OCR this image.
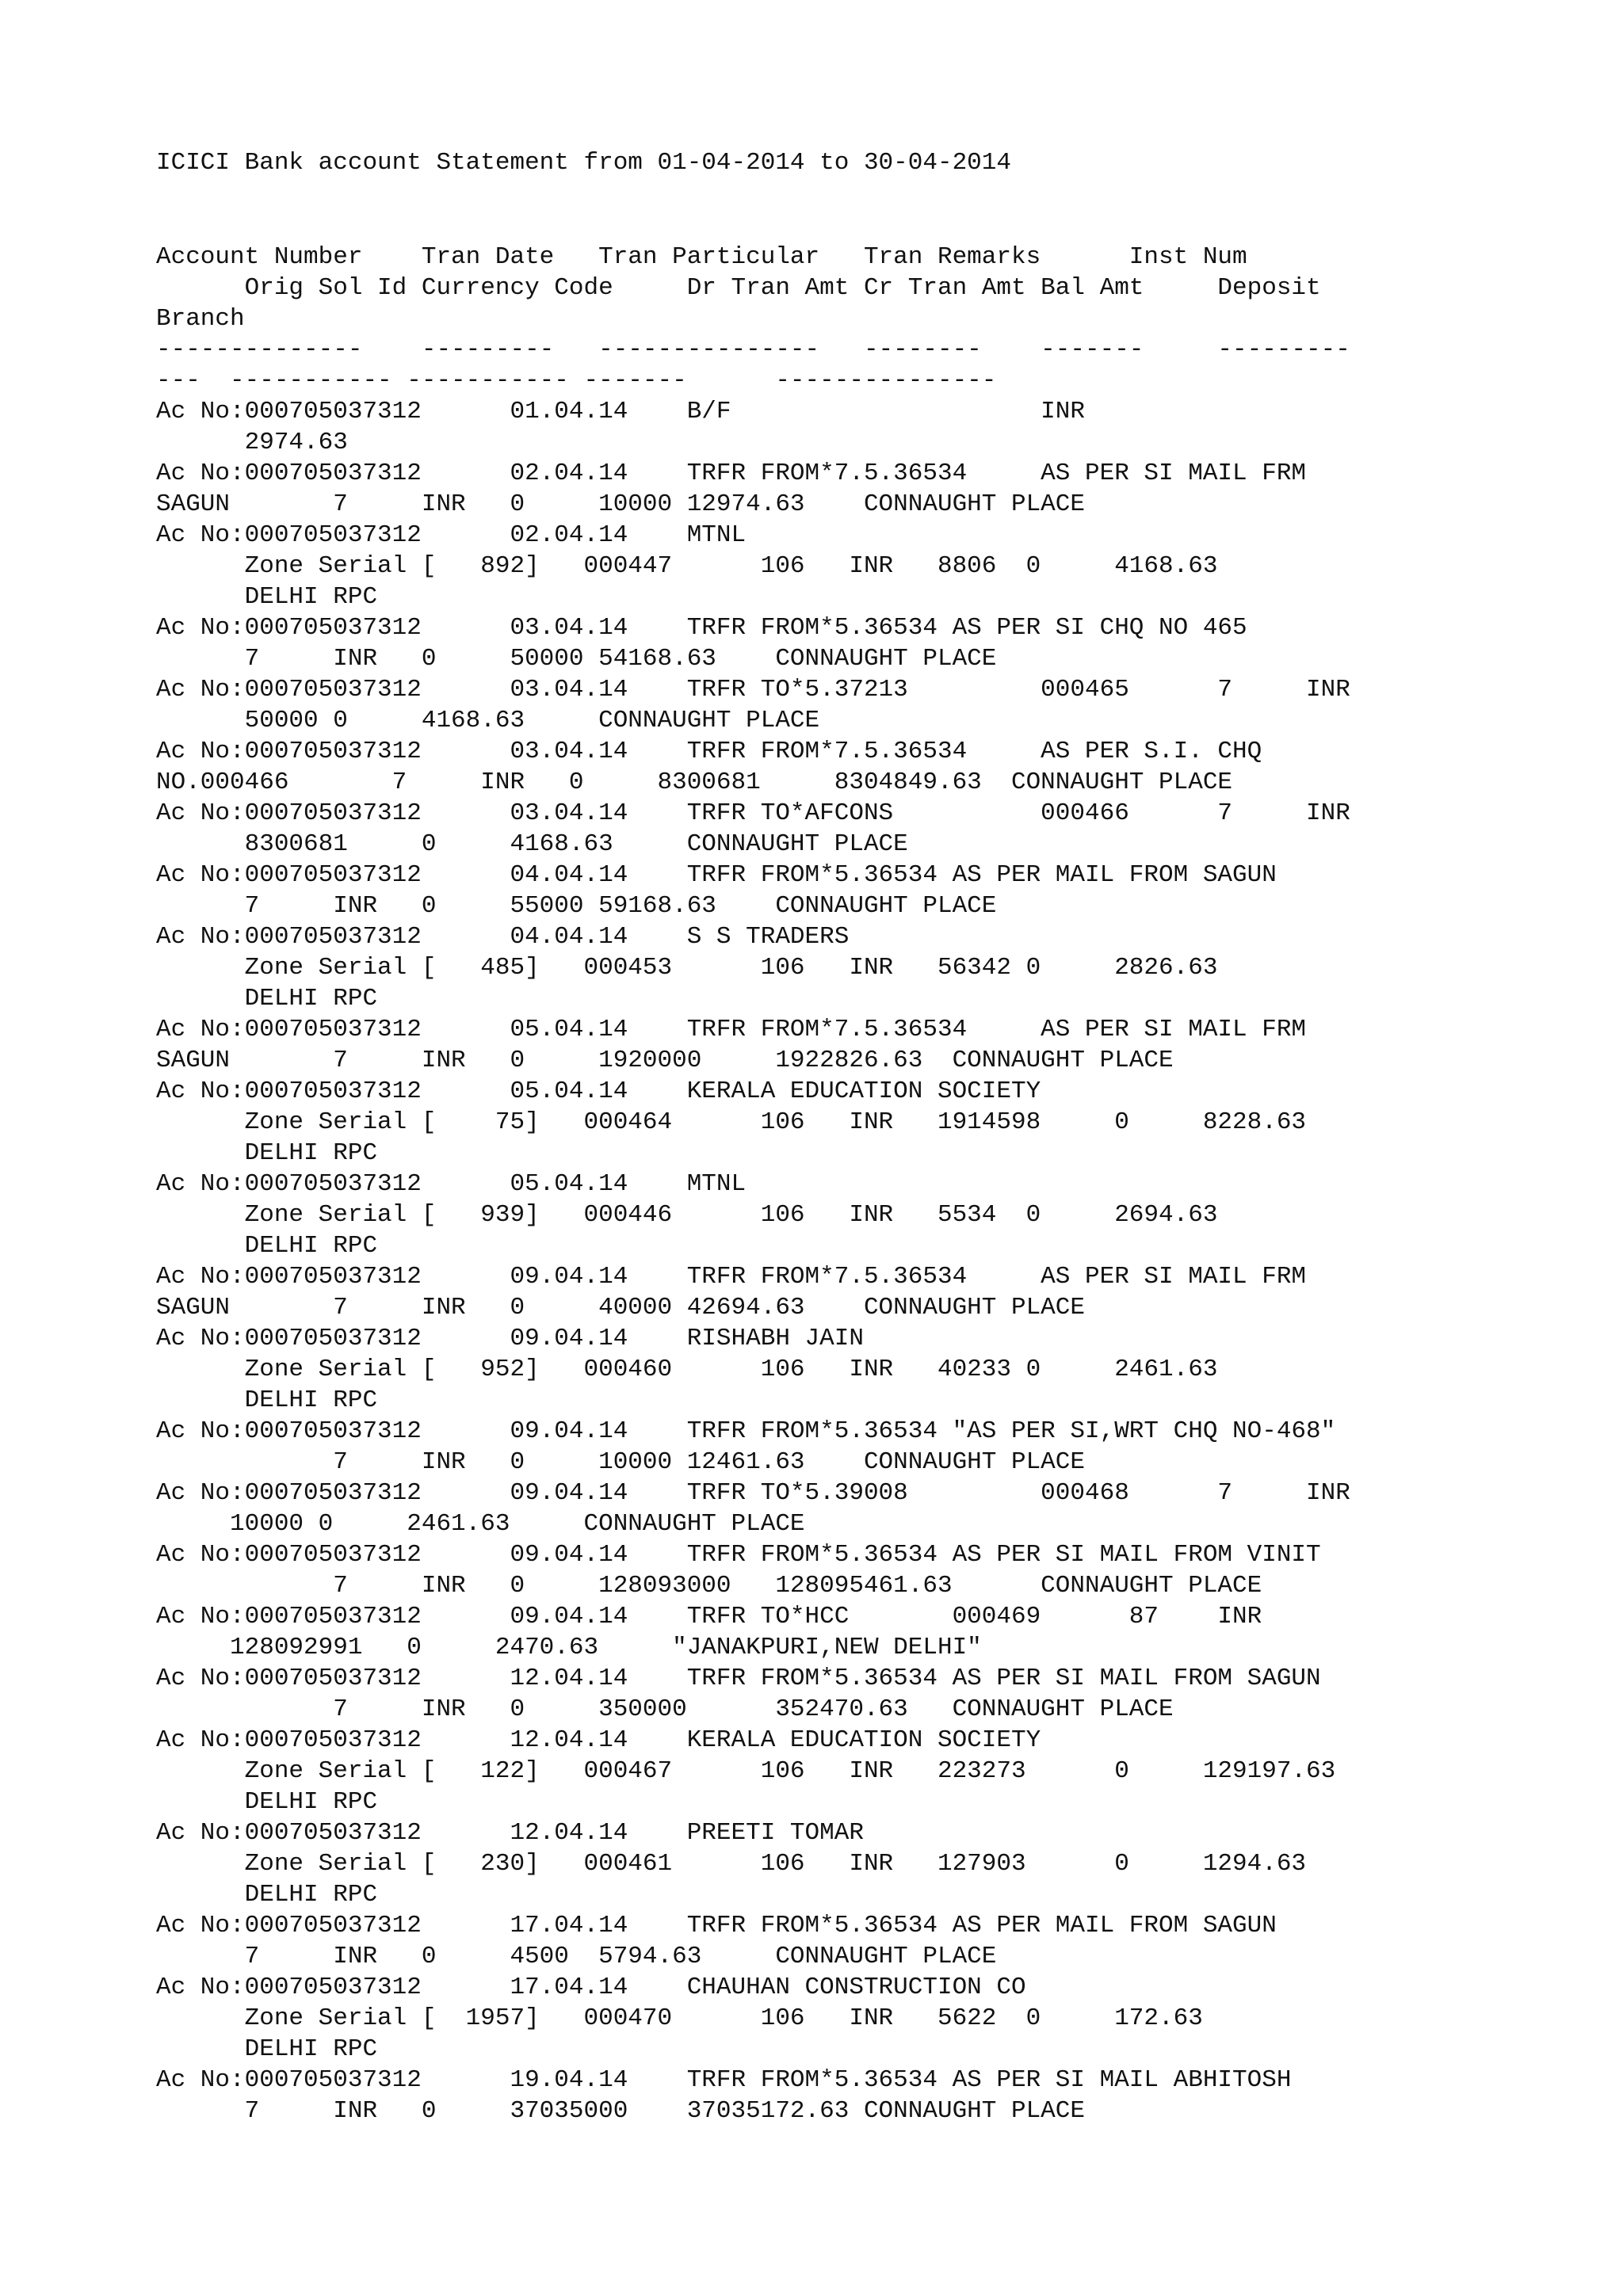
ICICI Bank account Statement from 01-04-2014 to 30-04-2014
Account Number    Tran Date   Tran Particular   Tran Remarks      Inst Num
Orig Sol Id Currency Code     Dr Tran Amt Cr Tran Amt Bal Amt     Deposit
Branch
--------------    ---------   ---------------   --------    -------     ---------
---  ----------- ----------- -------      ---------------
Ac No:000705037312      01.04.14    B/F                     INR
2974.63
Ac No:000705037312      02.04.14    TRFR FROM*7.5.36534     AS PER SI MAIL FRM
SAGUN       7     INR   0     10000 12974.63    CONNAUGHT PLACE
Ac No:000705037312      02.04.14    MTNL
Zone Serial [   892]   000447      106   INR   8806  0     4168.63
DELHI RPC
Ac No:000705037312      03.04.14    TRFR FROM*5.36534 AS PER SI CHQ NO 465
7     INR   0     50000 54168.63    CONNAUGHT PLACE
Ac No:000705037312      03.04.14    TRFR TO*5.37213         000465      7     INR
50000 0     4168.63     CONNAUGHT PLACE
Ac No:000705037312      03.04.14    TRFR FROM*7.5.36534     AS PER S.I. CHQ
NO.000466       7     INR   0     8300681     8304849.63  CONNAUGHT PLACE
Ac No:000705037312      03.04.14    TRFR TO*AFCONS          000466      7     INR
8300681     0     4168.63     CONNAUGHT PLACE
Ac No:000705037312      04.04.14    TRFR FROM*5.36534 AS PER MAIL FROM SAGUN
7     INR   0     55000 59168.63    CONNAUGHT PLACE
Ac No:000705037312      04.04.14    S S TRADERS
Zone Serial [   485]   000453      106   INR   56342 0     2826.63
DELHI RPC
Ac No:000705037312      05.04.14    TRFR FROM*7.5.36534     AS PER SI MAIL FRM
SAGUN       7     INR   0     1920000     1922826.63  CONNAUGHT PLACE
Ac No:000705037312      05.04.14    KERALA EDUCATION SOCIETY
Zone Serial [    75]   000464      106   INR   1914598     0     8228.63
DELHI RPC
Ac No:000705037312      05.04.14    MTNL
Zone Serial [   939]   000446      106   INR   5534  0     2694.63
DELHI RPC
Ac No:000705037312      09.04.14    TRFR FROM*7.5.36534     AS PER SI MAIL FRM
SAGUN       7     INR   0     40000 42694.63    CONNAUGHT PLACE
Ac No:000705037312      09.04.14    RISHABH JAIN
Zone Serial [   952]   000460      106   INR   40233 0     2461.63
DELHI RPC
Ac No:000705037312      09.04.14    TRFR FROM*5.36534 "AS PER SI,WRT CHQ NO-468"
7     INR   0     10000 12461.63    CONNAUGHT PLACE
Ac No:000705037312      09.04.14    TRFR TO*5.39008         000468      7     INR
10000 0     2461.63     CONNAUGHT PLACE
Ac No:000705037312      09.04.14    TRFR FROM*5.36534 AS PER SI MAIL FROM VINIT
7     INR   0     128093000   128095461.63      CONNAUGHT PLACE
Ac No:000705037312      09.04.14    TRFR TO*HCC       000469      87    INR
128092991   0     2470.63     "JANAKPURI,NEW DELHI"
Ac No:000705037312      12.04.14    TRFR FROM*5.36534 AS PER SI MAIL FROM SAGUN
7     INR   0     350000      352470.63   CONNAUGHT PLACE
Ac No:000705037312      12.04.14    KERALA EDUCATION SOCIETY
Zone Serial [   122]   000467      106   INR   223273      0     129197.63
DELHI RPC
Ac No:000705037312      12.04.14    PREETI TOMAR
Zone Serial [   230]   000461      106   INR   127903      0     1294.63
DELHI RPC
Ac No:000705037312      17.04.14    TRFR FROM*5.36534 AS PER MAIL FROM SAGUN
7     INR   0     4500  5794.63     CONNAUGHT PLACE
Ac No:000705037312      17.04.14    CHAUHAN CONSTRUCTION CO
Zone Serial [  1957]   000470      106   INR   5622  0     172.63
DELHI RPC
Ac No:000705037312      19.04.14    TRFR FROM*5.36534 AS PER SI MAIL ABHITOSH
7     INR   0     37035000    37035172.63 CONNAUGHT PLACE
